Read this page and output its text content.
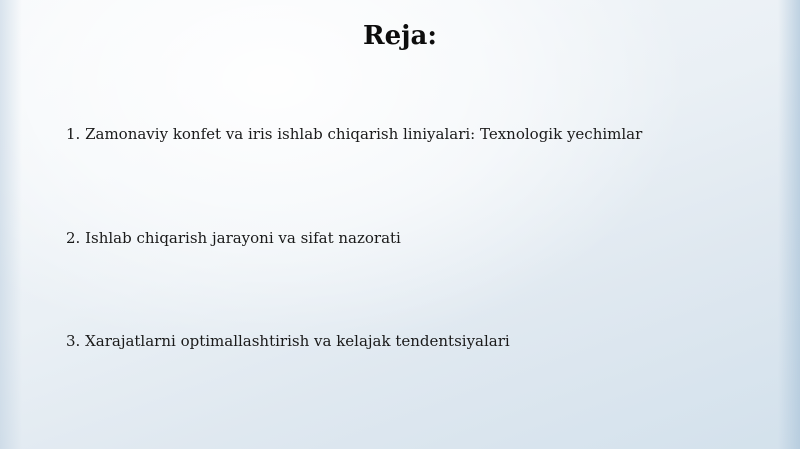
Reja:
1. Zamonaviy konfet va iris ishlab chiqarish liniyalari: Texnologik yechimlar
2. Ishlab chiqarish jarayoni va sifat nazorati
3. Xarajatlarni optimallashtirish va kelajak tendentsiyalari
